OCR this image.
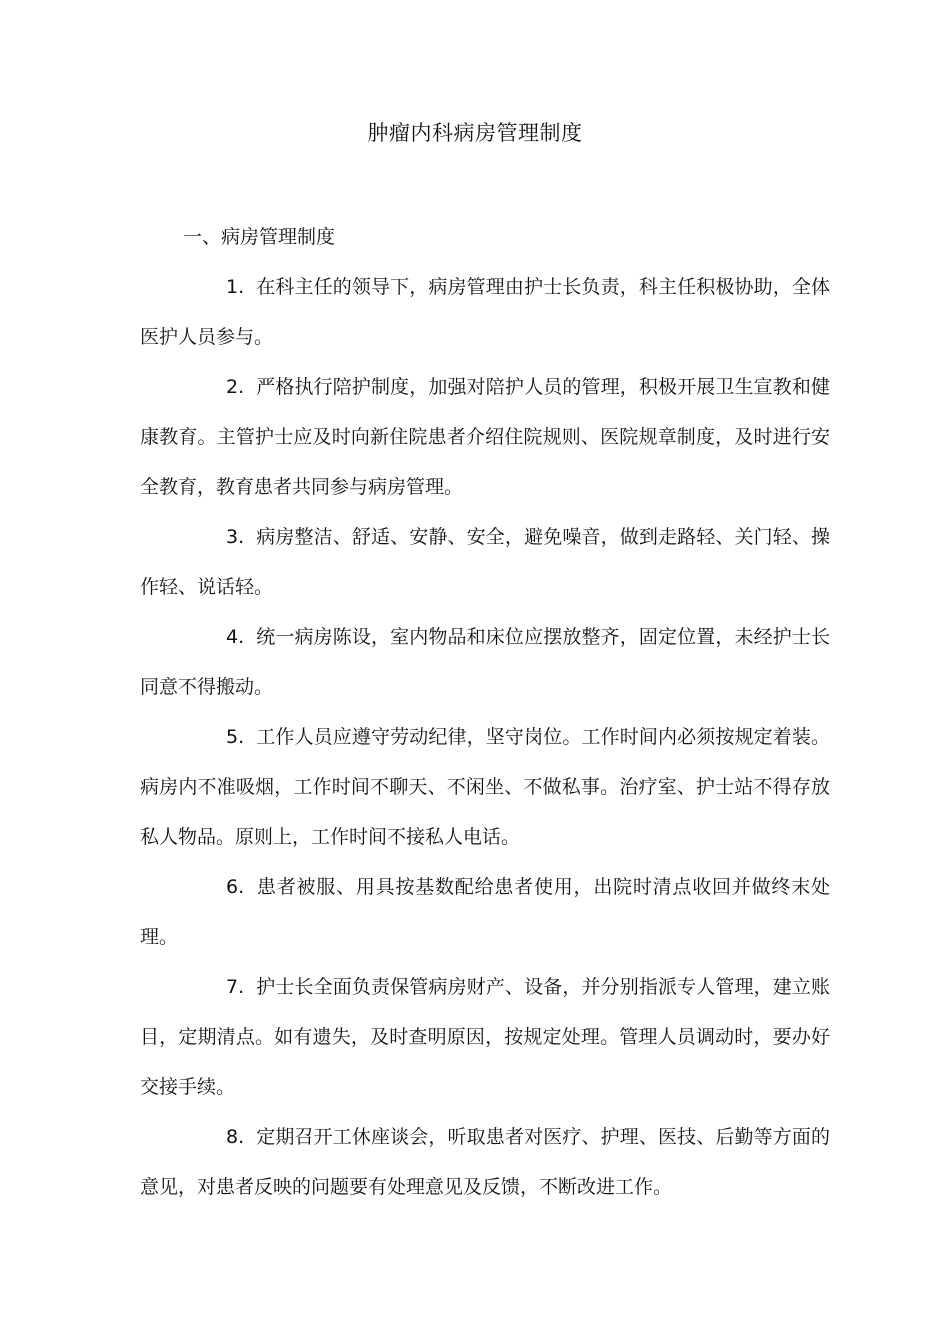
肿瘤内科病房管理制度

一、病房管理制度

1. 在科主任的领导下，病房管理由护士长负责，科主任积极协助，全体医护人员参与。

2. 严格执行陪护制度，加强对陪护人员的管理，积极开展卫生宣教和健康教育。主管护士应及时向新住院患者介绍住院规则、医院规章制度，及时进行安全教育，教育患者共同参与病房管理。

3. 病房整洁、舒适、安静、安全，避免噪音，做到走路轻、关门轻、操作轻、说话轻。

4. 统一病房陈设，室内物品和床位应摆放整齐，固定位置，未经护士长同意不得搬动。

5. 工作人员应遵守劳动纪律，坚守岗位。工作时间内必须按规定着装。病房内不准吸烟，工作时间不聊天、不闲坐、不做私事。治疗室、护士站不得存放私人物品。原则上，工作时间不接私人电话。

6. 患者被服、用具按基数配给患者使用，出院时清点收回并做终末处理。

7. 护士长全面负责保管病房财产、设备，并分别指派专人管理，建立账目，定期清点。如有遗失，及时查明原因，按规定处理。管理人员调动时，要办好交接手续。

8. 定期召开工休座谈会，听取患者对医疗、护理、医技、后勤等方面的意见，对患者反映的问题要有处理意见及反馈，不断改进工作。
